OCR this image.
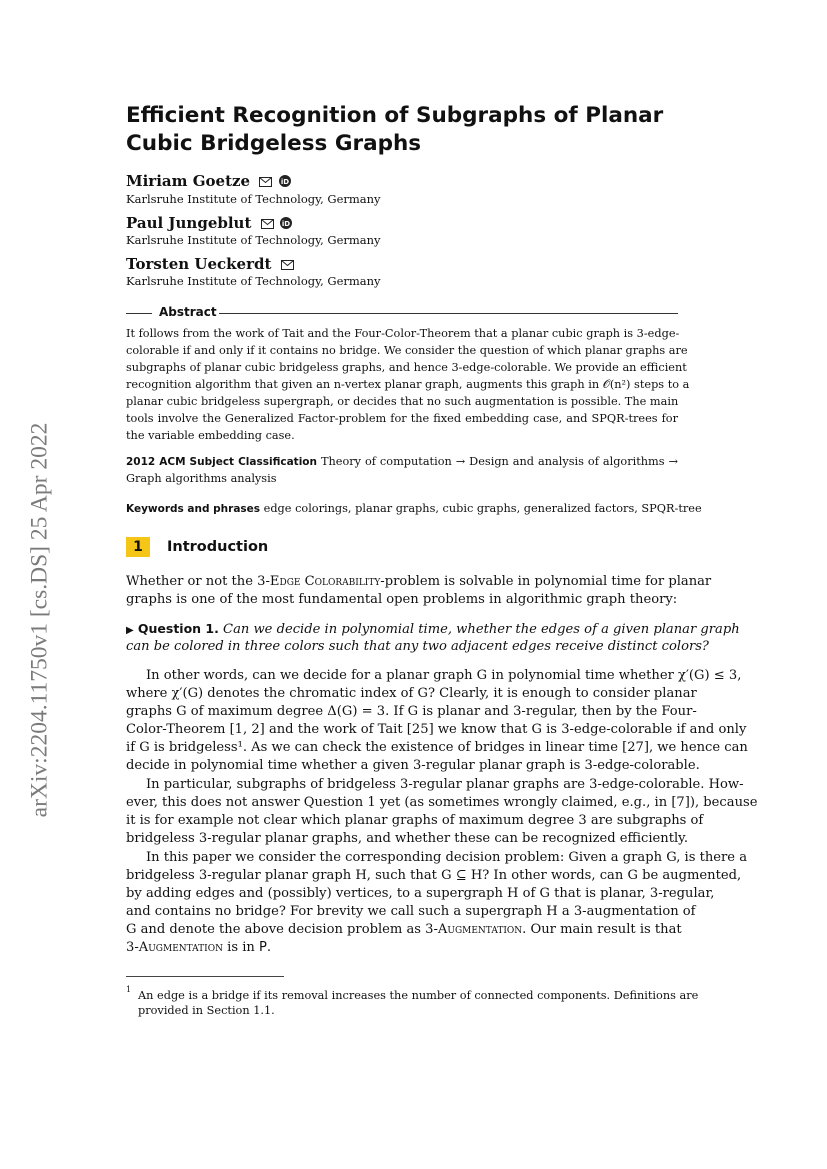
arXiv:2204.11750v1 [cs.DS] 25 Apr 2022
Efficient Recognition of Subgraphs of Planar
Cubic Bridgeless Graphs
Miriam Goetze	iD
Karlsruhe Institute of Technology, Germany
Paul Jungeblut	iD
Karlsruhe Institute of Technology, Germany
Torsten Ueckerdt
Karlsruhe Institute of Technology, Germany
Abstract
It follows from the work of Tait and the Four-Color-Theorem that a planar cubic graph is 3-edge-
colorable if and only if it contains no bridge. We consider the question of which planar graphs are
subgraphs of planar cubic bridgeless graphs, and hence 3-edge-colorable. We provide an efficient
recognition algorithm that given an n-vertex planar graph, augments this graph in 𝒪(n²) steps to a
planar cubic bridgeless supergraph, or decides that no such augmentation is possible. The main
tools involve the Generalized Factor-problem for the fixed embedding case, and SPQR-trees for
the variable embedding case.
2012 ACM Subject Classification Theory of computation → Design and analysis of algorithms →
Graph algorithms analysis
Keywords and phrases edge colorings, planar graphs, cubic graphs, generalized factors, SPQR-tree
1	Introduction
Whether or not the 3-Edge Colorability-problem is solvable in polynomial time for planar
graphs is one of the most fundamental open problems in algorithmic graph theory:
▶ Question 1. Can we decide in polynomial time, whether the edges of a given planar graph
can be colored in three colors such that any two adjacent edges receive distinct colors?
In other words, can we decide for a planar graph G in polynomial time whether χ′(G) ≤ 3,
where χ′(G) denotes the chromatic index of G? Clearly, it is enough to consider planar
graphs G of maximum degree Δ(G) = 3. If G is planar and 3-regular, then by the Four-
Color-Theorem [1, 2] and the work of Tait [25] we know that G is 3-edge-colorable if and only
if G is bridgeless¹. As we can check the existence of bridges in linear time [27], we hence can
decide in polynomial time whether a given 3-regular planar graph is 3-edge-colorable.
In particular, subgraphs of bridgeless 3-regular planar graphs are 3-edge-colorable. How-
ever, this does not answer Question 1 yet (as sometimes wrongly claimed, e.g., in [7]), because
it is for example not clear which planar graphs of maximum degree 3 are subgraphs of
bridgeless 3-regular planar graphs, and whether these can be recognized efficiently.
In this paper we consider the corresponding decision problem: Given a graph G, is there a
bridgeless 3-regular planar graph H, such that G ⊆ H? In other words, can G be augmented,
by adding edges and (possibly) vertices, to a supergraph H of G that is planar, 3-regular,
and contains no bridge? For brevity we call such a supergraph H a 3-augmentation of
G and denote the above decision problem as 3-Augmentation. Our main result is that
3-Augmentation is in P.
1 An edge is a bridge if its removal increases the number of connected components. Definitions are
provided in Section 1.1.
